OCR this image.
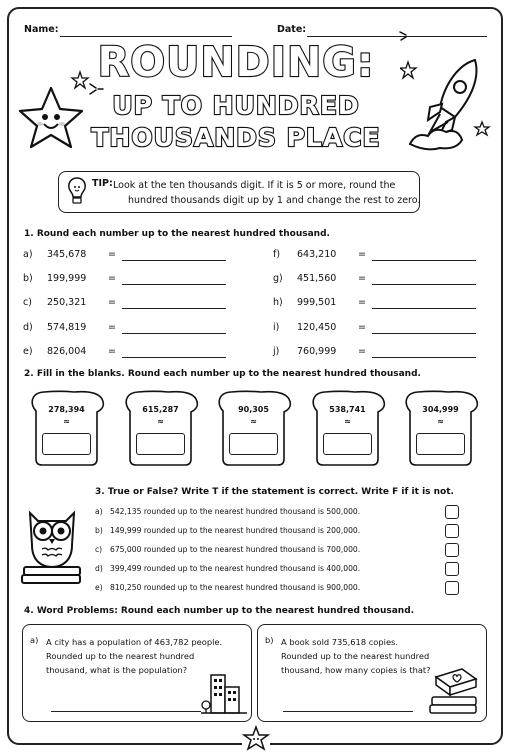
Name:	Date:
ROUNDING:
UP TO HUNDRED
THOUSANDS PLACE
TIP: Look at the ten thousands digit. If it is 5 or more, round the
hundred thousands digit up by 1 and change the rest to zero.
1. Round each number up to the nearest hundred thousand.
a) 345,678 =
b) 199,999 =
c) 250,321 =
d) 574,819 =
e) 826,004 =
f) 643,210 =
g) 451,560 =
h) 999,501 =
i) 120,450 =
j) 760,999 =
2. Fill in the blanks. Round each number up to the nearest hundred thousand.
278,394
≈
615,287
≈
90,305
≈
538,741
≈
304,999
≈
3. True or False? Write T if the statement is correct. Write F if it is not.
a) 542,135 rounded up to the nearest hundred thousand is 500,000.
b) 149,999 rounded up to the nearest hundred thousand is 200,000.
c) 675,000 rounded up to the nearest hundred thousand is 700,000.
d) 399,499 rounded up to the nearest hundred thousand is 400,000.
e) 810,250 rounded up to the nearest hundred thousand is 900,000.
4. Word Problems: Round each number up to the nearest hundred thousand.
a) A city has a population of 463,782 people.
Rounded up to the nearest hundred
thousand, what is the population?
b) A book sold 735,618 copies.
Rounded up to the nearest hundred
thousand, how many copies is that?
